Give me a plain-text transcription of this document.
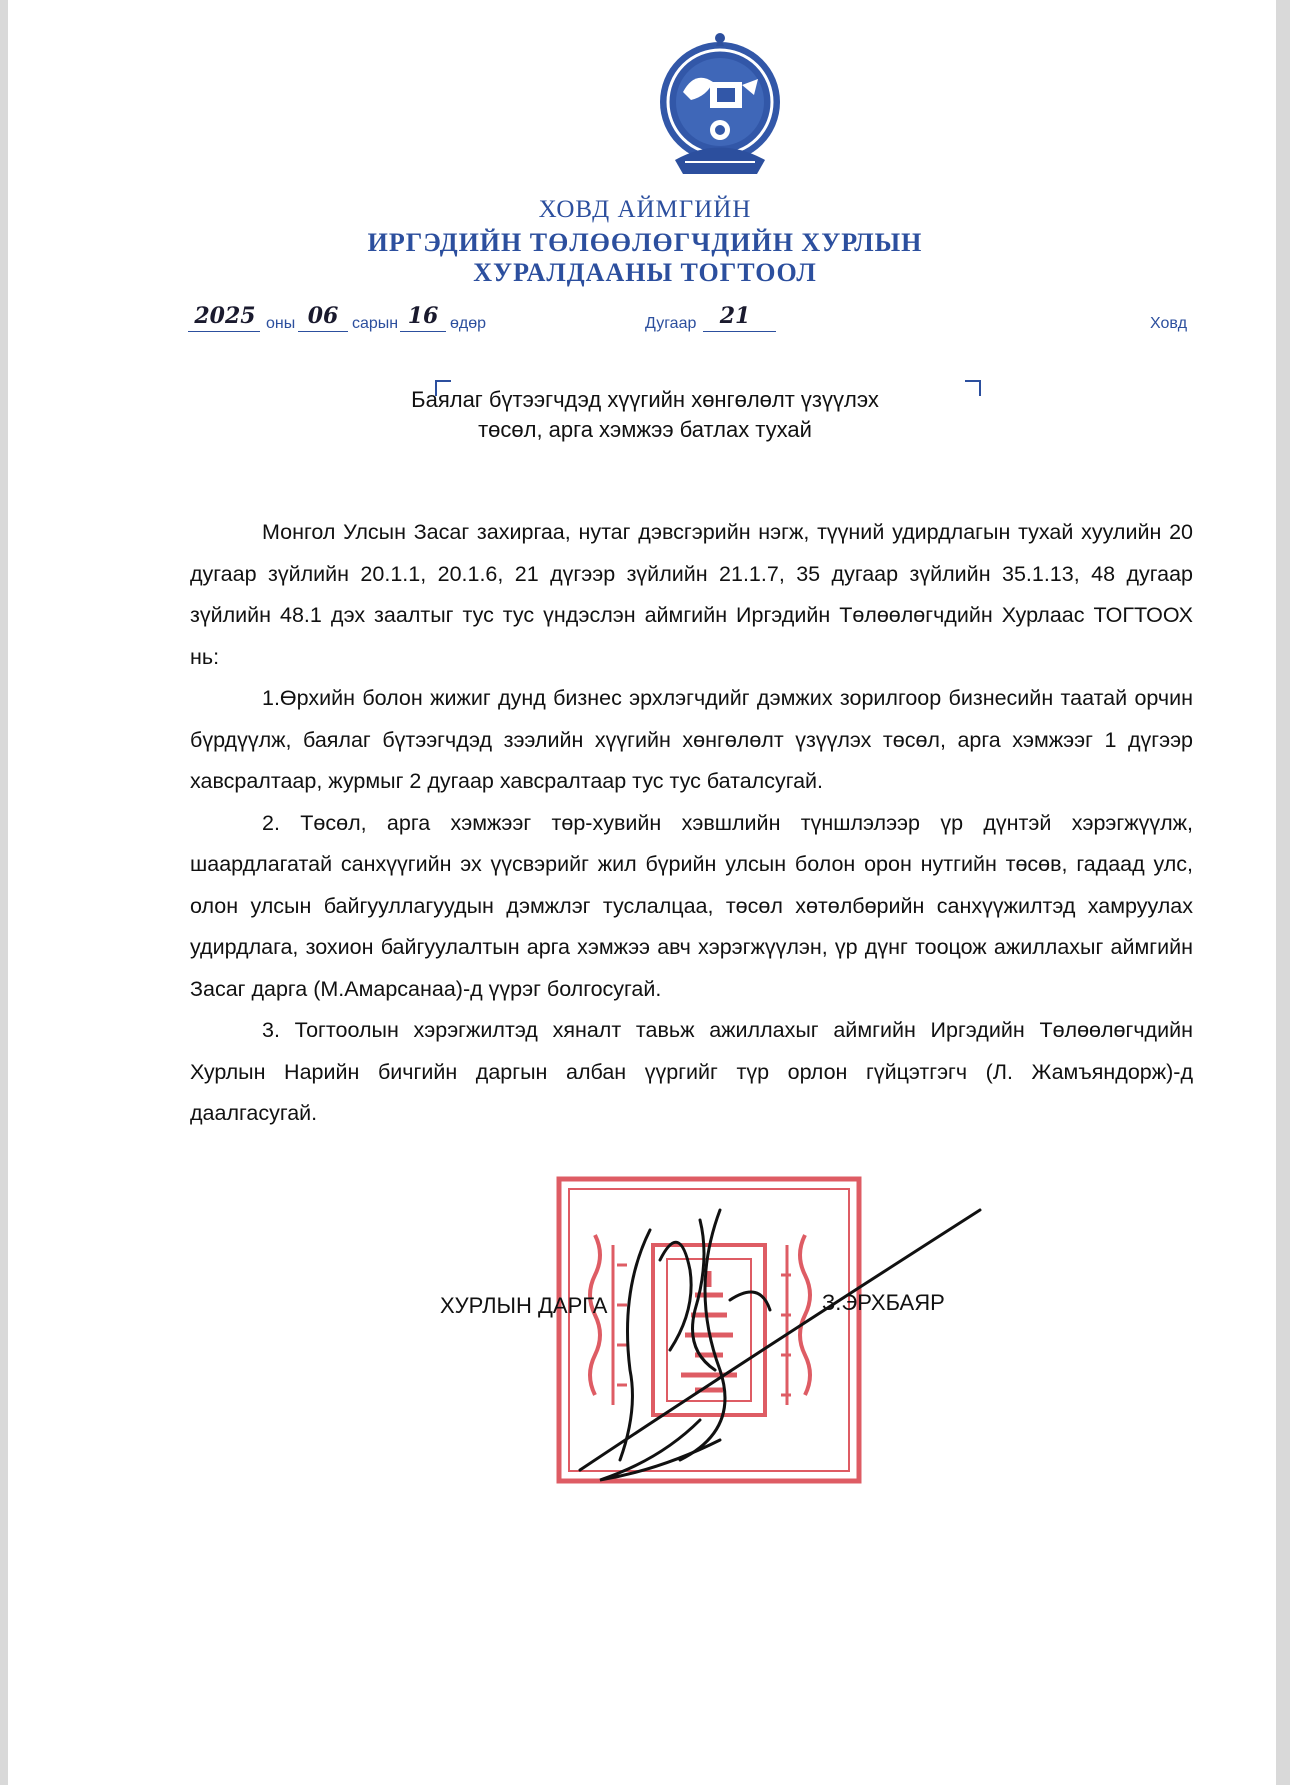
ХОВД АЙМГИЙН
ИРГЭДИЙН ТӨЛӨӨЛӨГЧДИЙН ХУРЛЫН
ХУРАЛДААНЫ ТОГТООЛ
2025 оны 06 сарын 16 өдөр	Дугаар	21	Ховд
Баялаг бүтээгчдэд хүүгийн хөнгөлөлт үзүүлэх
төсөл, арга хэмжээ батлах тухай

Монгол Улсын Засаг захиргаа, нутаг дэвсгэрийн нэгж, түүний удирдлагын тухай хуулийн 20 дугаар зүйлийн 20.1.1, 20.1.6, 21 дүгээр зүйлийн 21.1.7, 35 дугаар зүйлийн 35.1.13, 48 дугаар зүйлийн 48.1 дэх заалтыг тус тус үндэслэн аймгийн Иргэдийн Төлөөлөгчдийн Хурлаас ТОГТООХ нь:

1.Өрхийн болон жижиг дунд бизнес эрхлэгчдийг дэмжих зорилгоор бизнесийн таатай орчин бүрдүүлж, баялаг бүтээгчдэд зээлийн хүүгийн хөнгөлөлт үзүүлэх төсөл, арга хэмжээг 1 дүгээр хавсралтаар, журмыг 2 дугаар хавсралтаар тус тус баталсугай.

2. Төсөл, арга хэмжээг төр-хувийн хэвшлийн түншлэлээр үр дүнтэй хэрэгжүүлж, шаардлагатай санхүүгийн эх үүсвэрийг жил бүрийн улсын болон орон нутгийн төсөв, гадаад улс, олон улсын байгууллагуудын дэмжлэг туслалцаа, төсөл хөтөлбөрийн санхүүжилтэд хамруулах удирдлага, зохион байгуулалтын арга хэмжээ авч хэрэгжүүлэн, үр дүнг тооцож ажиллахыг аймгийн Засаг дарга (М.Амарсанаа)-д үүрэг болгосугай.

3. Тогтоолын хэрэгжилтэд хяналт тавьж ажиллахыг аймгийн Иргэдийн Төлөөлөгчдийн Хурлын Нарийн бичгийн даргын албан үүргийг түр орлон гүйцэтгэгч (Л. Жамъяндорж)-д даалгасугай.

ХУРЛЫН ДАРГА	З.ЭРХБАЯР
